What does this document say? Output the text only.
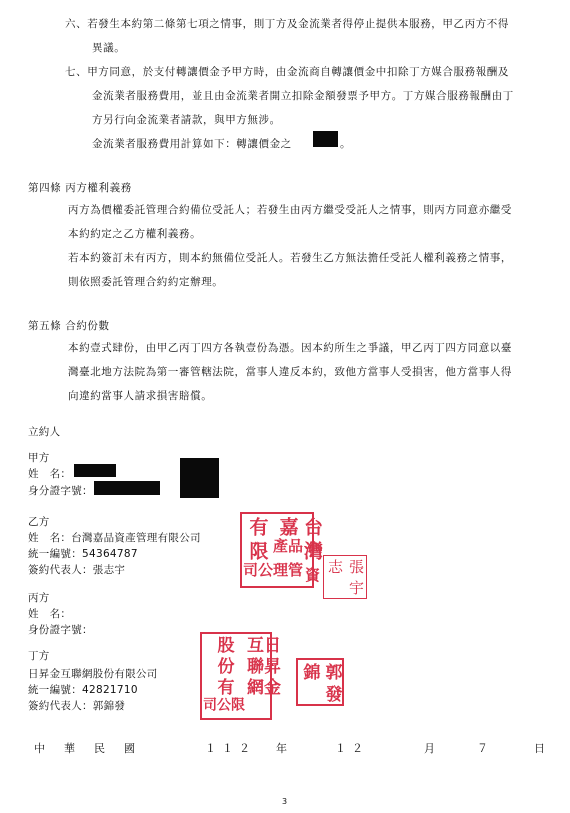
六、若發生本約第二條第七項之情事，則丁方及金流業者得停止提供本服務，甲乙丙方不得
異議。
七、甲方同意，於支付轉讓價金予甲方時，由金流商自轉讓價金中扣除丁方媒合服務報酬及
金流業者服務費用，並且由金流業者開立扣除金額發票予甲方。丁方媒合服務報酬由丁
方另行向金流業者請款，與甲方無涉。
金流業者服務費用計算如下：轉讓價金之	。
第四條 丙方權利義務
丙方為價權委託管理合約備位受託人；若發生由丙方繼受受託人之情事，則丙方同意亦繼受
本約約定之乙方權利義務。
若本約簽訂未有丙方，則本約無備位受託人。若發生乙方無法擔任受託人權利義務之情事，
則依照委託管理合約約定辦理。
第五條 合約份數
本約壹式肆份，由甲乙丙丁四方各執壹份為憑。因本約所生之爭議，甲乙丙丁四方同意以臺
灣臺北地方法院為第一審管轄法院，當事人違反本約，致他方當事人受損害，他方當事人得
向違約當事人請求損害賠償。
立約人
甲方
姓　名：
身分證字號：
乙方
姓　名：台灣嘉品資產管理有限公司
統一編號：54364787
簽約代表人：張志宇
台
嘉
有
灣
品產
限
資
管理
公司	張
志
宇
丙方
姓　名：
身份證字號：
丁方
日昇金互聯網股份有限公司
統一編號：42821710
簽約代表人：郭錦發
日
互
股
昇
聯
份
金
網
有
限公司
郭
錦
發
中　華　民　國	１１２ 年	１２	月	７	日
3
